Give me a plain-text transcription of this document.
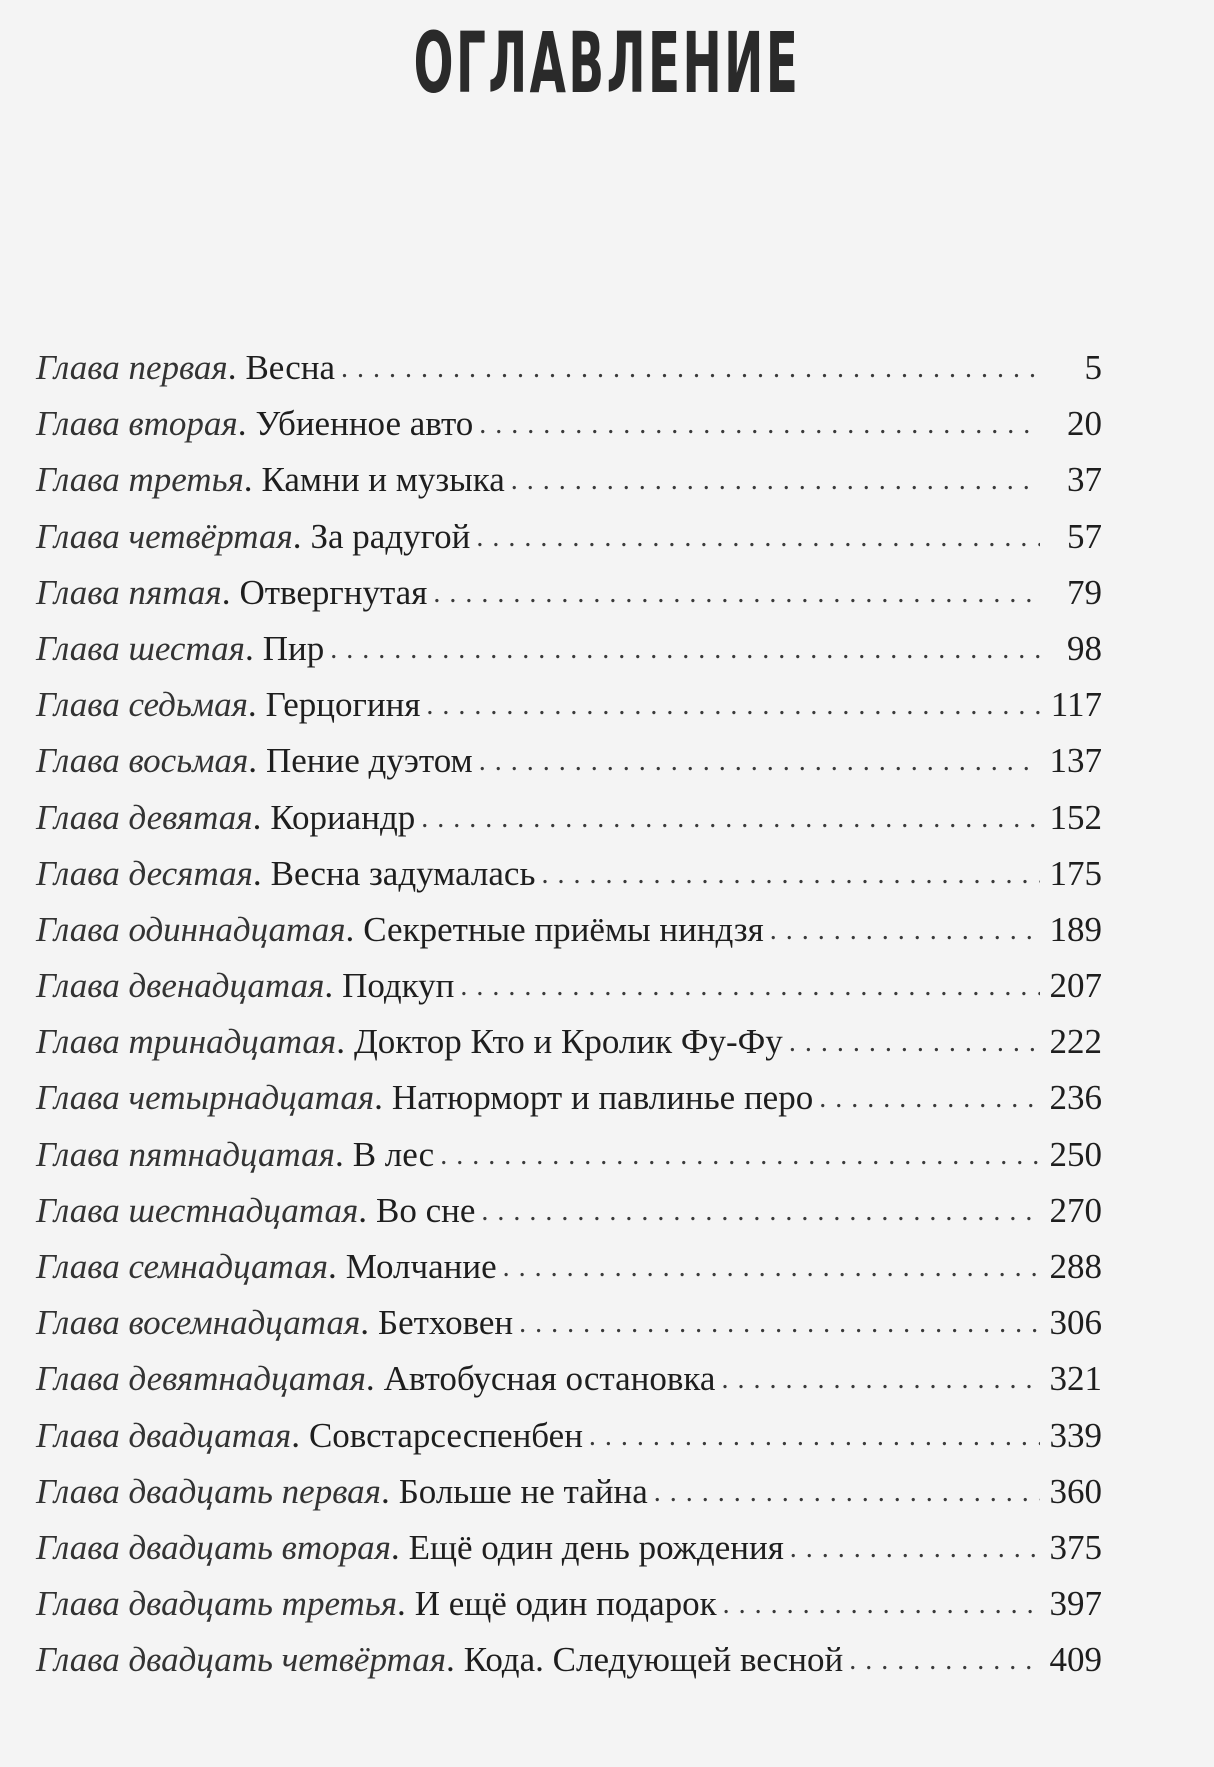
ОГЛАВЛЕНИЕ
Глава первая . Весна . . .	5
Глава вторая . Убиенное авто . . .	20
Глава третья . Камни и музыка . . .	37
Глава четвёртая . За радугой . . .	57
Глава пятая . Отвергнутая . . .	79
Глава шестая . Пир . . .	98
Глава седьмая . Герцогиня . . .	117
Глава восьмая . Пение дуэтом . . .	137
Глава девятая . Кориандр . . .	152
Глава десятая . Весна задумалась . . .	175
Глава одиннадцатая . Секретные приёмы ниндзя . . .	189
Глава двенадцатая . Подкуп . . .	207
Глава тринадцатая . Доктор Кто и Кролик Фу-Фу . . .	222
Глава четырнадцатая . Натюрморт и павлинье перо . . .	236
Глава пятнадцатая . В лес . . .	250
Глава шестнадцатая . Во сне . . .	270
Глава семнадцатая . Молчание . . .	288
Глава восемнадцатая . Бетховен . . .	306
Глава девятнадцатая . Автобусная остановка . . .	321
Глава двадцатая . Совстарсеспенбен . . .	339
Глава двадцать первая . Больше не тайна . . .	360
Глава двадцать вторая . Ещё один день рождения . . .	375
Глава двадцать третья . И ещё один подарок . . .	397
Глава двадцать четвёртая . Кода. Следующей весной . . .	409
